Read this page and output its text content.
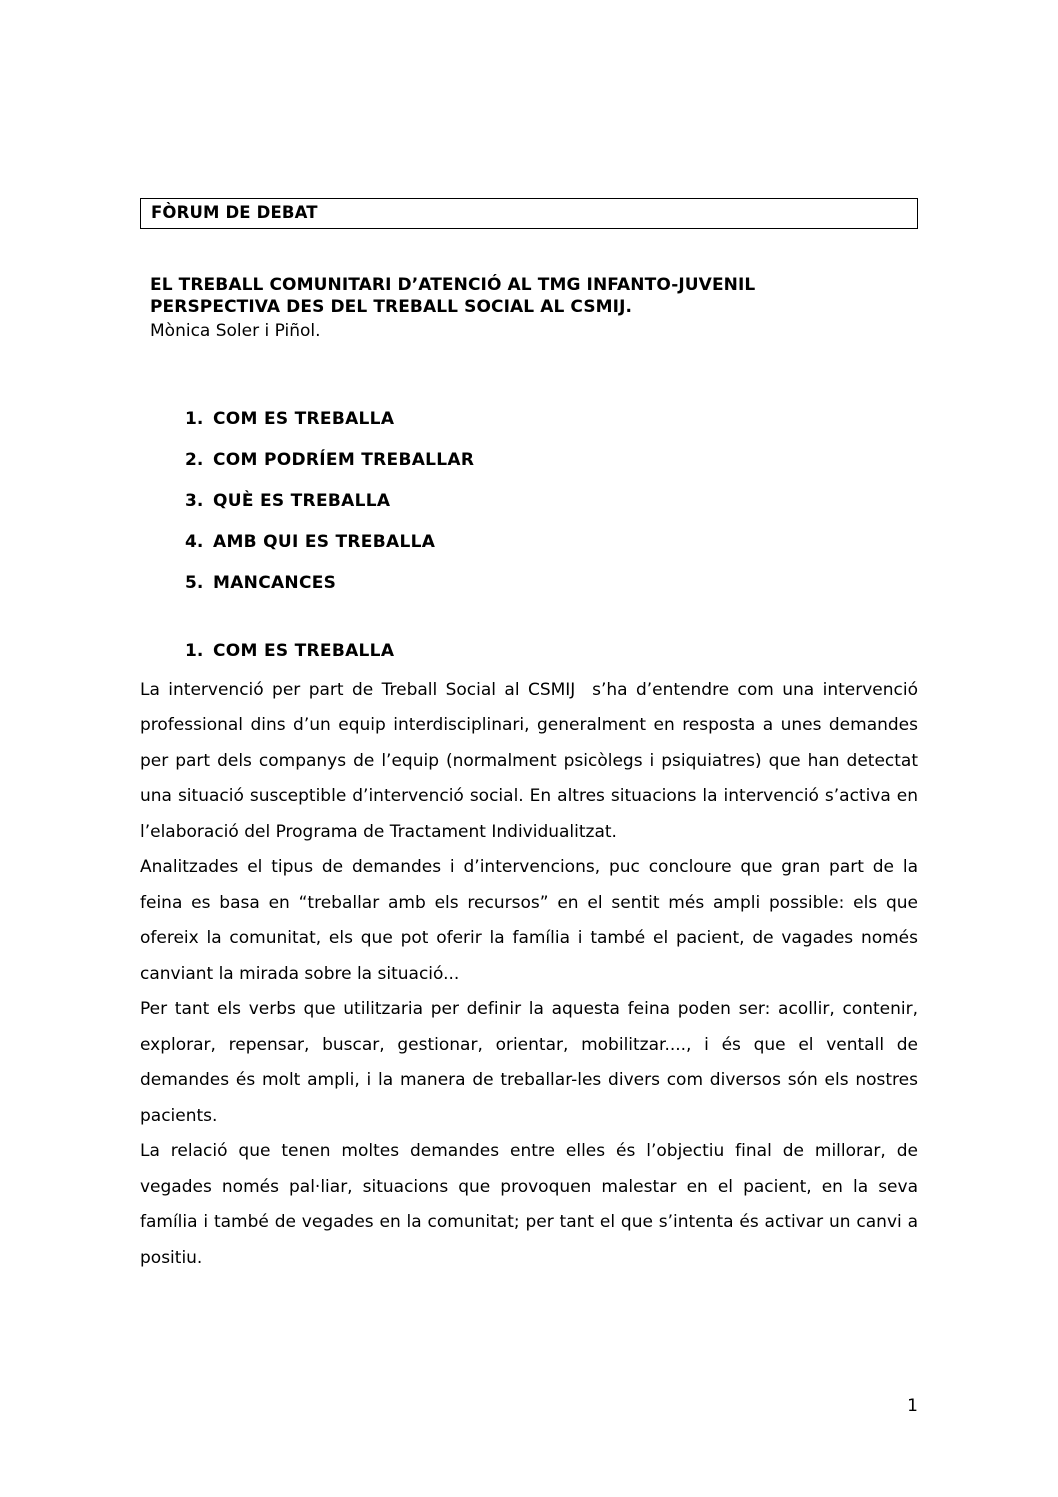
FÒRUM DE DEBAT
EL TREBALL COMUNITARI D’ATENCIÓ AL TMG INFANTO-JUVENIL
PERSPECTIVA DES DEL TREBALL SOCIAL AL CSMIJ.
Mònica Soler i Piñol.
1. COM ES TREBALLA
2. COM PODRÍEM TREBALLAR
3. QUÈ ES TREBALLA
4. AMB QUI ES TREBALLA
5. MANCANCES
1. COM ES TREBALLA

La intervenció per part de Treball Social al CSMIJ  s’ha d’entendre com una intervenció professional dins d’un equip interdisciplinari, generalment en resposta a unes demandes per part dels companys de l’equip (normalment psicòlegs i psiquiatres) que han detectat una situació susceptible d’intervenció social. En altres situacions la intervenció s’activa en l’elaboració del Programa de Tractament Individualitzat.

Analitzades el tipus de demandes i d’intervencions, puc concloure que gran part de la feina es basa en “treballar amb els recursos” en el sentit més ampli possible: els que ofereix la comunitat, els que pot oferir la família i també el pacient, de vagades només canviant la mirada sobre la situació...

Per tant els verbs que utilitzaria per definir la aquesta feina poden ser: acollir, contenir, explorar, repensar, buscar, gestionar, orientar, mobilitzar...., i és que el ventall de demandes és molt ampli, i la manera de treballar-les divers com diversos són els nostres pacients.

La relació que tenen moltes demandes entre elles és l’objectiu final de millorar, de vegades només pal·liar, situacions que provoquen malestar en el pacient, en la seva família i també de vegades en la comunitat; per tant el que s’intenta és activar un canvi a positiu.

1
